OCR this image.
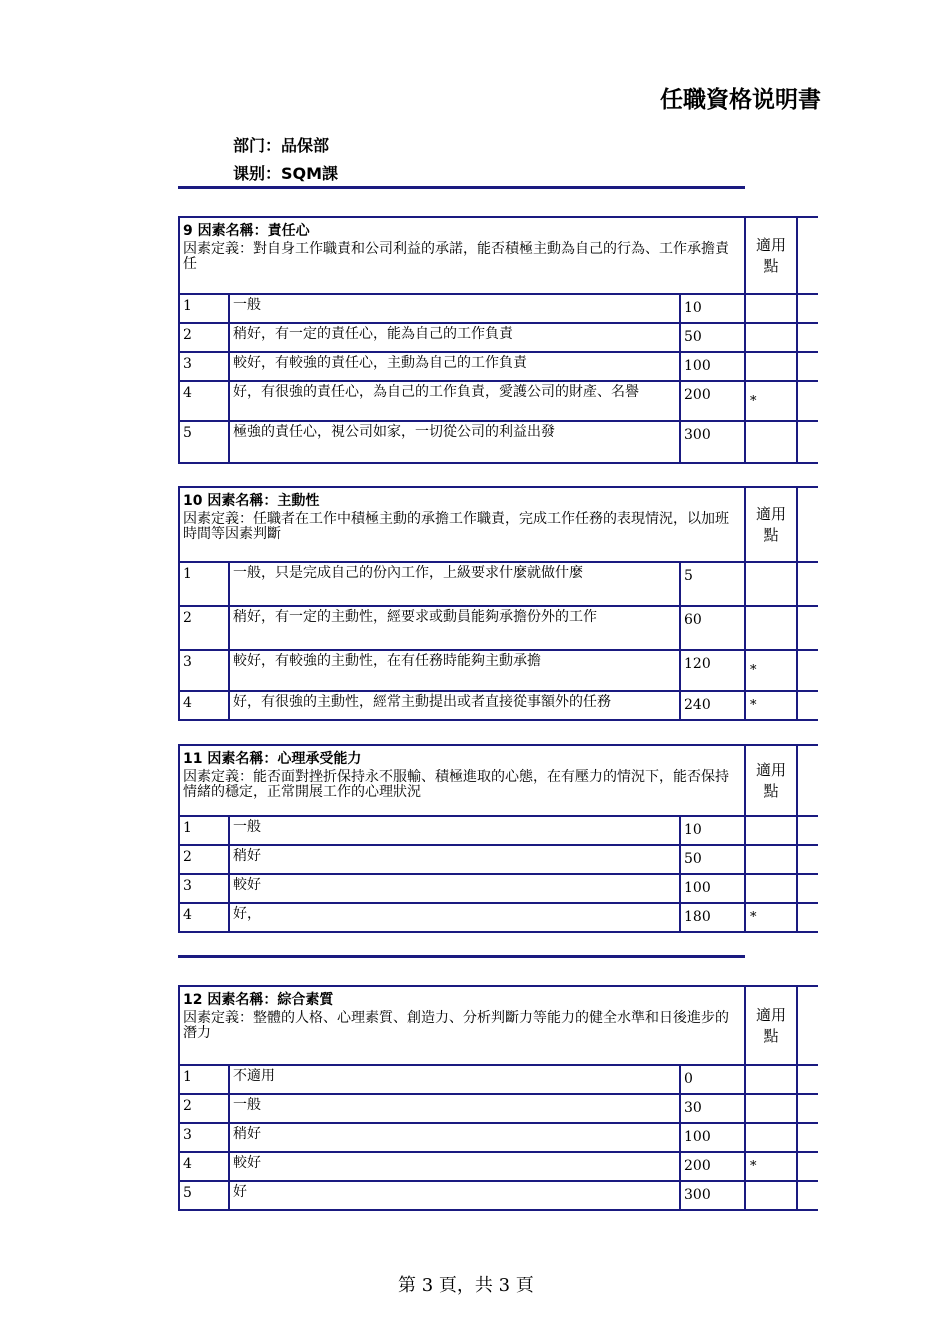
任職資格说明書
部门：品保部
课别：SQM課
9 因素名稱：責任心			適用點	
因素定義：對自身工作職責和公司利益的承諾，能否積極主動為自己的行為、工作承擔責任				
1	一般	10		
2	稍好，有一定的責任心，能為自己的工作負責	50		
3	較好，有較強的責任心，主動為自己的工作負責	100		
4	好，有很強的責任心，為自己的工作負責，愛護公司的財產、名譽	200	*	
5	極強的責任心，視公司如家，一切從公司的利益出發	300		
10 因素名稱：主動性			適用點	
因素定義：任職者在工作中積極主動的承擔工作職責，完成工作任務的表現情況，以加班時間等因素判斷				
1	一般，只是完成自己的份內工作，上級要求什麼就做什麼	5		
2	稍好，有一定的主動性，經要求或動員能夠承擔份外的工作	60		
3	較好，有較強的主動性，在有任務時能夠主動承擔	120	*	
4	好，有很強的主動性，經常主動提出或者直接從事額外的任務	240	*	
11 因素名稱：心理承受能力			適用點	
因素定義：能否面對挫折保持永不服輸、積極進取的心態，在有壓力的情況下，能否保持情緒的穩定，正常開展工作的心理狀況				
1	一般	10		
2	稍好	50		
3	較好	100		
4	好，	180	*	
12 因素名稱：綜合素質			適用點	
因素定義：整體的人格、心理素質、創造力、分析判斷力等能力的健全水準和日後進步的潛力				
1	不適用	0		
2	一般	30		
3	稍好	100		
4	較好	200	*	
5	好	300		
第 3 頁，共 3 頁
